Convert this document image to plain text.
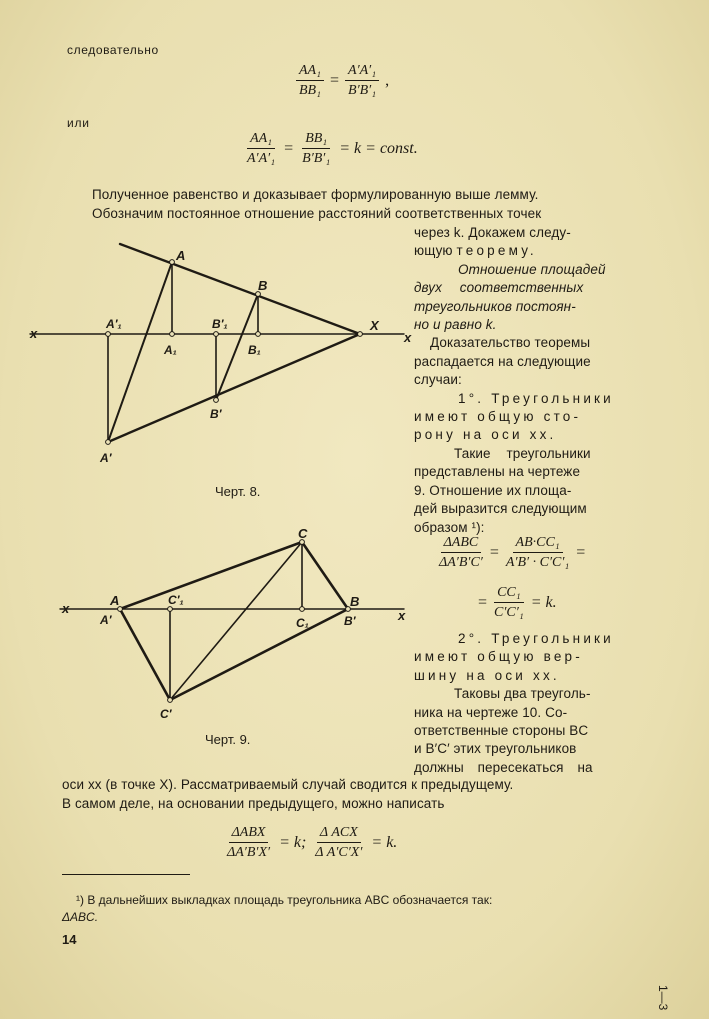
следовательно
$\frac{\text{AA₁}}{\text{BB₁}} = \frac{\text{A′A′₁}}{\text{B′B′₁}}$ ,
или
$\frac{\text{AA₁}}{\text{A′A′₁}} = \frac{\text{BB₁}}{\text{B′B′₁}} = k$ = const.
Полученное равенство и доказывает формулированную выше лемму.
Обозначим постоянное отношение расстояний соответственных точек
через k. Докажем следу-
ющую теорему.
Отношение площадей
двух соответственных
треугольников постоян-
но и равно k.
Доказательство теоремы
распадается на следующие
случаи:
1°. Треугольники
имеют общую сто-
рону на оси xx.
Такие треугольники
представлены на чертеже
9. Отношение их площа-
дей выразится следующим
образом ¹):
$\frac{\text{ΔABC}}{\Delta A'B'C'} = \frac{\text{AB·CC₁}}{\text{A′B′ · C′C′₁}}$ =
= $\frac{\text{CC₁}}{\text{C′C′₁}} = k$.
2°. Треугольники
имеют общую вер-
шину на оси xx.
Таковы два треуголь-
ника на чертеже 10. Со-
ответственные стороны BC
и B′C′ этих треугольников
должны пересекаться на
оси xx (в точке X). Рассматриваемый случай сводится к предыдущему.
В самом деле, на основании предыдущего, можно написать
$\frac{\text{ΔABX}}{\Delta A'B'X'} = k$; $\frac{\text{Δ ACX}}{\text{Δ A′C′X′}} = k$.
¹) В дальнейших выкладках площадь треугольника ABC обозначается так:
ΔABC.
14
1—3
x	x
A
B
A′₁	B′₁
A₁	B₁
X
B′
A′
Черт. 8.
x	x
C
A
A′
C′₁	B
B′
C₁
C′
Черт. 9.
